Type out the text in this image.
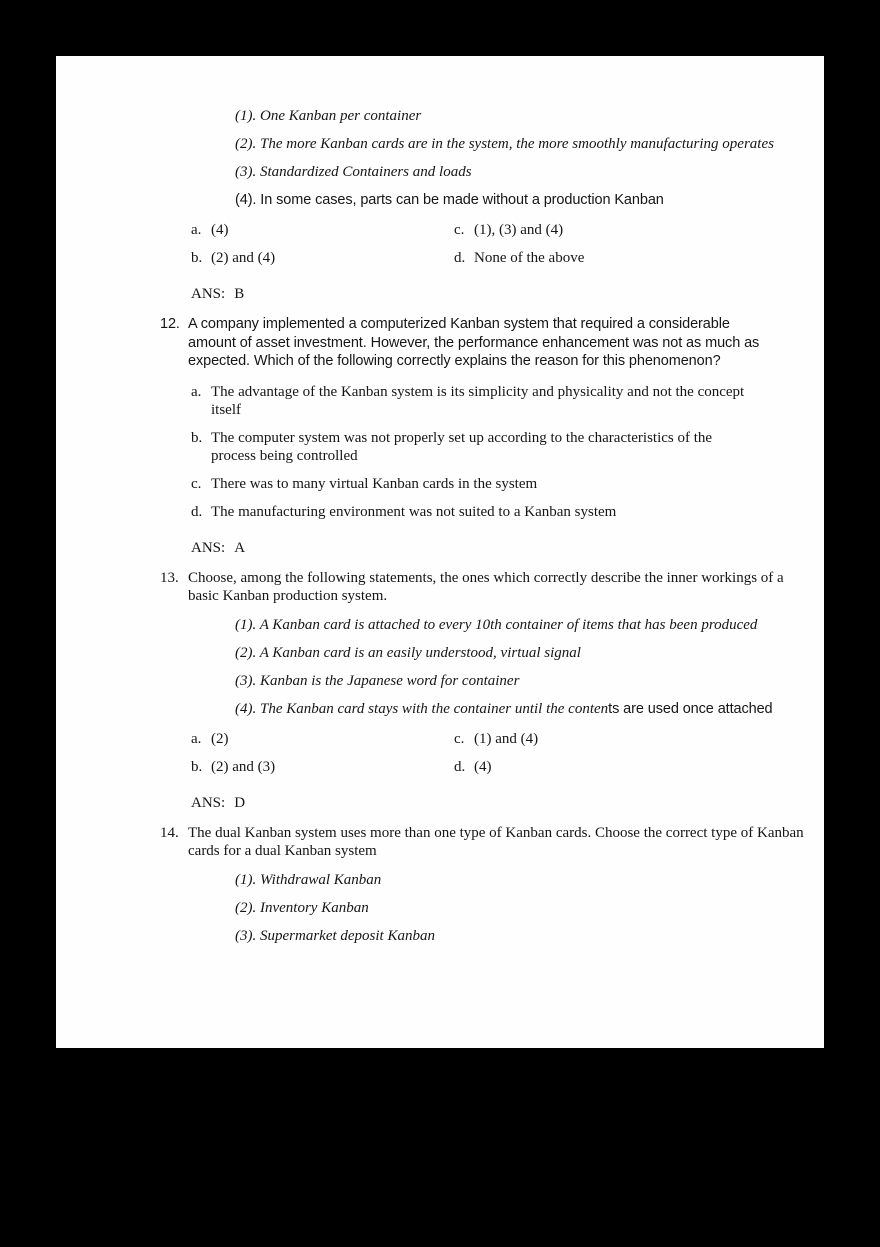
(1). One Kanban per container

(2). The more Kanban cards are in the system, the more smoothly manufacturing operates

(3). Standardized Containers and loads

(4). In some cases, parts can be made without a production Kanban

a. (4)	c. (1), (3) and (4)
b. (2) and (4)	d. None of the above

ANS: B

12. A company implemented a computerized Kanban system that required a considerable
amount of asset investment. However, the performance enhancement was not as much as
expected. Which of the following correctly explains the reason for this phenomenon?
a. The advantage of the Kanban system is its simplicity and physicality and not the concept
itself
b. The computer system was not properly set up according to the characteristics of the
process being controlled
c. There was to many virtual Kanban cards in the system
d. The manufacturing environment was not suited to a Kanban system

ANS: A

13. Choose, among the following statements, the ones which correctly describe the inner workings of a
basic Kanban production system.

(1). A Kanban card is attached to every 10th container of items that has been produced

(2). A Kanban card is an easily understood, virtual signal

(3). Kanban is the Japanese word for container

(4). The Kanban card stays with the container until the contents are used once attached

a. (2)	c. (1) and (4)
b. (2) and (3)	d. (4)

ANS: D

14. The dual Kanban system uses more than one type of Kanban cards. Choose the correct type of Kanban
cards for a dual Kanban system

(1). Withdrawal Kanban

(2). Inventory Kanban

(3). Supermarket deposit Kanban
